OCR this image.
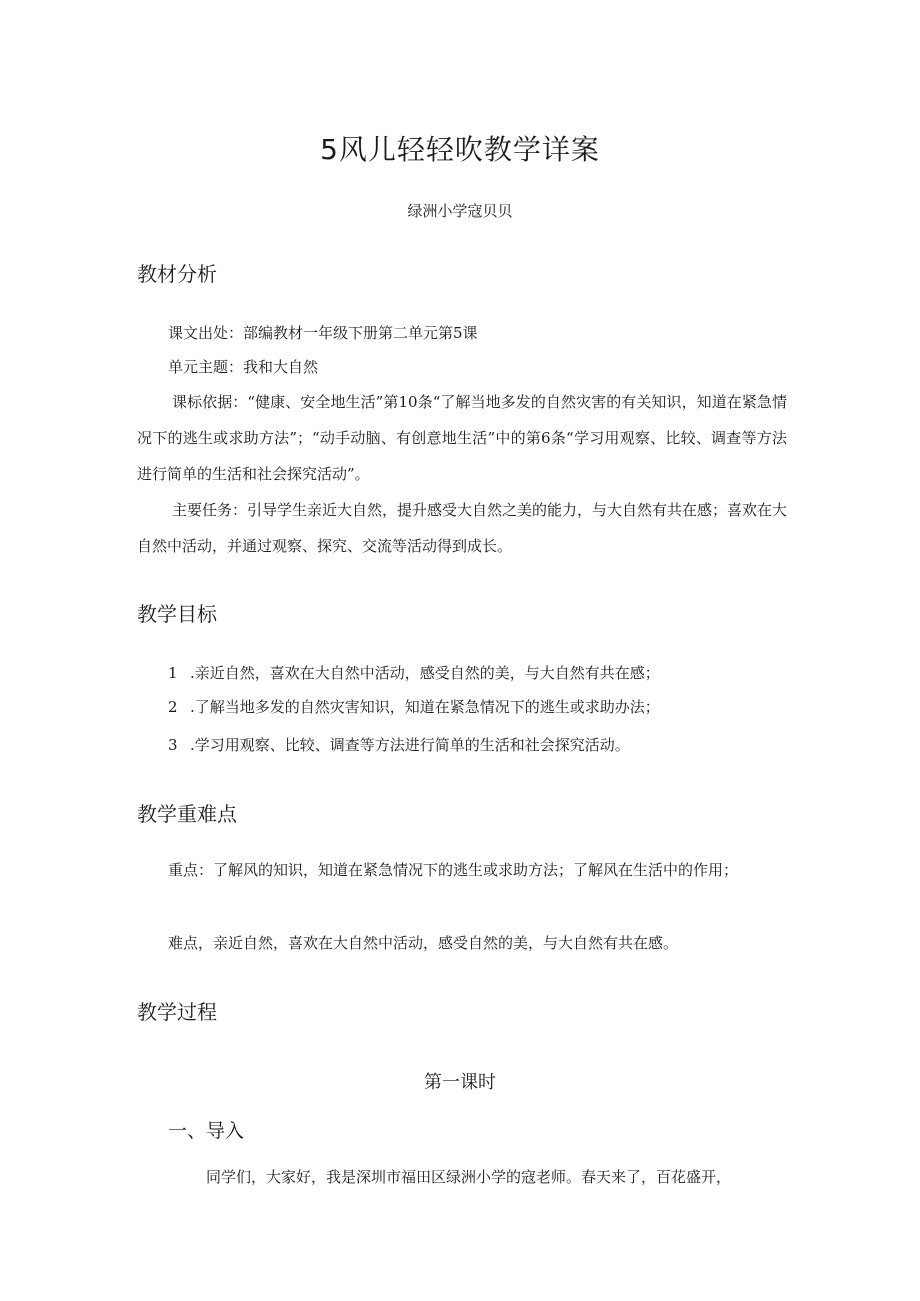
5风儿轻轻吹教学详案
绿洲小学寇贝贝
教材分析
课文出处：部编教材一年级下册第二单元第5课
单元主题：我和大自然
课标依据：“健康、安全地生活”第10条“了解当地多发的自然灾害的有关知识，知道在紧急情况下的逃生或求助方法”；“动手动脑、有创意地生活”中的第6条“学习用观察、比较、调查等方法进行简单的生活和社会探究活动”。
主要任务：引导学生亲近大自然，提升感受大自然之美的能力，与大自然有共在感；喜欢在大自然中活动，并通过观察、探究、交流等活动得到成长。
教学目标
1 .亲近自然，喜欢在大自然中活动，感受自然的美，与大自然有共在感；
2 .了解当地多发的自然灾害知识，知道在紧急情况下的逃生或求助办法；
3 .学习用观察、比较、调查等方法进行简单的生活和社会探究活动。
教学重难点
重点：了解风的知识，知道在紧急情况下的逃生或求助方法；了解风在生活中的作用；
难点，亲近自然，喜欢在大自然中活动，感受自然的美，与大自然有共在感。
教学过程
第一课时
一、导入
同学们，大家好，我是深圳市福田区绿洲小学的寇老师。春天来了，百花盛开，
